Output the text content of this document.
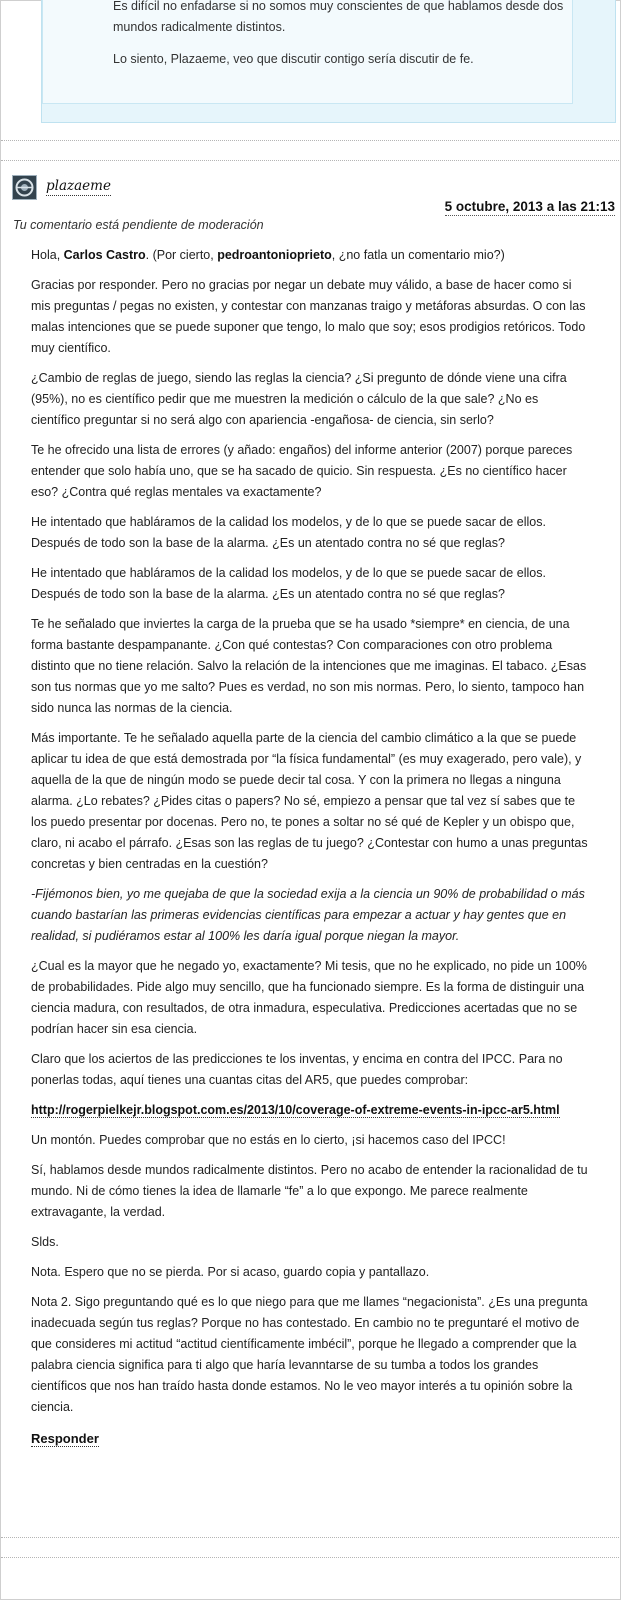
Es difícil no enfadarse si no somos muy conscientes de que hablamos desde dos mundos radicalmente distintos.
Lo siento, Plazaeme, veo que discutir contigo sería discutir de fe.
plazaeme
5 octubre, 2013 a las 21:13
Tu comentario está pendiente de moderación

Hola, Carlos Castro. (Por cierto, pedroantonioprieto, ¿no fatla un comentario mio?)

Gracias por responder. Pero no gracias por negar un debate muy válido, a base de hacer como si mis preguntas / pegas no existen, y contestar con manzanas traigo y metáforas absurdas. O con las malas intenciones que se puede suponer que tengo, lo malo que soy; esos prodigios retóricos. Todo muy científico.

¿Cambio de reglas de juego, siendo las reglas la ciencia? ¿Si pregunto de dónde viene una cifra (95%), no es científico pedir que me muestren la medición o cálculo de la que sale? ¿No es científico preguntar si no será algo con apariencia -engañosa- de ciencia, sin serlo?

Te he ofrecido una lista de errores (y añado: engaños) del informe anterior (2007) porque pareces entender que solo había uno, que se ha sacado de quicio. Sin respuesta. ¿Es no científico hacer eso? ¿Contra qué reglas mentales va exactamente?

He intentado que habláramos de la calidad los modelos, y de lo que se puede sacar de ellos. Después de todo son la base de la alarma. ¿Es un atentado contra no sé que reglas?

He intentado que habláramos de la calidad los modelos, y de lo que se puede sacar de ellos. Después de todo son la base de la alarma. ¿Es un atentado contra no sé que reglas?

Te he señalado que inviertes la carga de la prueba que se ha usado *siempre* en ciencia, de una forma bastante despampanante. ¿Con qué contestas? Con comparaciones con otro problema distinto que no tiene relación. Salvo la relación de la intenciones que me imaginas. El tabaco. ¿Esas son tus normas que yo me salto? Pues es verdad, no son mis normas. Pero, lo siento, tampoco han sido nunca las normas de la ciencia.

Más importante. Te he señalado aquella parte de la ciencia del cambio climático a la que se puede aplicar tu idea de que está demostrada por “la física fundamental” (es muy exagerado, pero vale), y aquella de la que de ningún modo se puede decir tal cosa. Y con la primera no llegas a ninguna alarma. ¿Lo rebates? ¿Pides citas o papers? No sé, empiezo a pensar que tal vez sí sabes que te los puedo presentar por docenas. Pero no, te pones a soltar no sé qué de Kepler y un obispo que, claro, ni acabo el párrafo. ¿Esas son las reglas de tu juego? ¿Contestar con humo a unas preguntas concretas y bien centradas en la cuestión?

-Fijémonos bien, yo me quejaba de que la sociedad exija a la ciencia un 90% de probabilidad o más cuando bastarían las primeras evidencias científicas para empezar a actuar y hay gentes que en realidad, si pudiéramos estar al 100% les daría igual porque niegan la mayor.

¿Cual es la mayor que he negado yo, exactamente? Mi tesis, que no he explicado, no pide un 100% de probabilidades. Pide algo muy sencillo, que ha funcionado siempre. Es la forma de distinguir una ciencia madura, con resultados, de otra inmadura, especulativa. Predicciones acertadas que no se podrían hacer sin esa ciencia.

Claro que los aciertos de las predicciones te los inventas, y encima en contra del IPCC. Para no ponerlas todas, aquí tienes una cuantas citas del AR5, que puedes comprobar:

http://rogerpielkejr.blogspot.com.es/2013/10/coverage-of-extreme-events-in-ipcc-ar5.html

Un montón. Puedes comprobar que no estás en lo cierto, ¡si hacemos caso del IPCC!

Sí, hablamos desde mundos radicalmente distintos. Pero no acabo de entender la racionalidad de tu mundo. Ni de cómo tienes la idea de llamarle “fe” a lo que expongo. Me parece realmente extravagante, la verdad.

Slds.

Nota. Espero que no se pierda. Por si acaso, guardo copia y pantallazo.

Nota 2. Sigo preguntando qué es lo que niego para que me llames “negacionista”. ¿Es una pregunta inadecuada según tus reglas? Porque no has contestado. En cambio no te preguntaré el motivo de que consideres mi actitud “actitud científicamente imbécil”, porque he llegado a comprender que la palabra ciencia significa para ti algo que haría levanntarse de su tumba a todos los grandes científicos que nos han traído hasta donde estamos. No le veo mayor interés a tu opinión sobre la ciencia.

Responder
